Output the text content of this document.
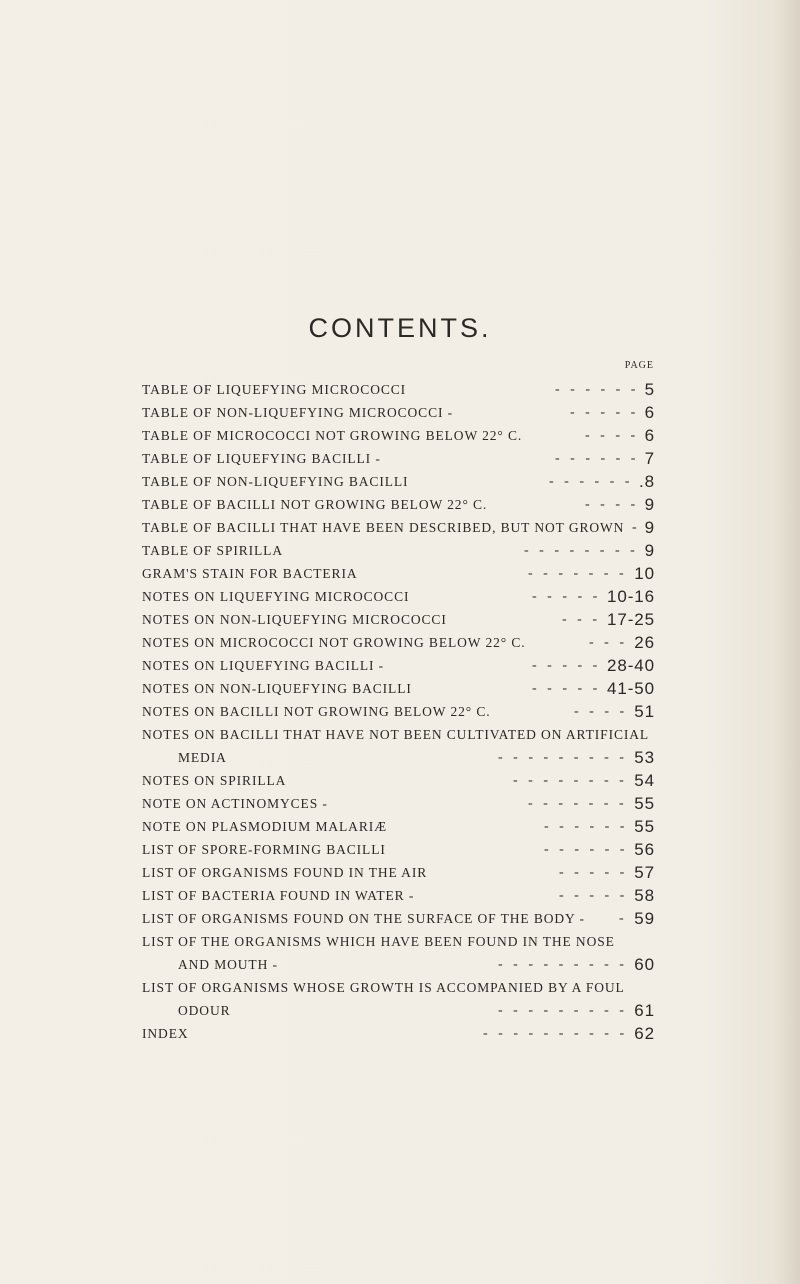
CONTENTS.
PAGE
TABLE OF LIQUEFYING MICROCOCCI	-   -   -   -   -   - 5
TABLE OF NON-LIQUEFYING MICROCOCCI -	-   -   -   -   - 6
TABLE OF MICROCOCCI NOT GROWING BELOW 22° C.	-   -   -   - 6
TABLE OF LIQUEFYING BACILLI -	-   -   -   -   -   - 7
TABLE OF NON-LIQUEFYING BACILLI	-   -   -   -   -   - .8
TABLE OF BACILLI NOT GROWING BELOW 22° C.	-   -   -   - 9
TABLE OF BACILLI THAT HAVE BEEN DESCRIBED, BUT NOT GROWN - 9
TABLE OF SPIRILLA	-   -   -   -   -   -   -   - 9
GRAM'S STAIN FOR BACTERIA	-   -   -   -   -   -   - 10
NOTES ON LIQUEFYING MICROCOCCI	-   -   -   -   - 10-16
NOTES ON NON-LIQUEFYING MICROCOCCI	-   -   - 17-25
NOTES ON MICROCOCCI NOT GROWING BELOW 22° C.	-   -   - 26
NOTES ON LIQUEFYING BACILLI -	-   -   -   -   - 28-40
NOTES ON NON-LIQUEFYING BACILLI	-   -   -   -   - 41-50
NOTES ON BACILLI NOT GROWING BELOW 22° C.	-   -   -   - 51
NOTES ON BACILLI THAT HAVE NOT BEEN CULTIVATED ON ARTIFICIAL
MEDIA	-   -   -   -   -   -   -   -   - 53
NOTES ON SPIRILLA	-   -   -   -   -   -   -   - 54
NOTE ON ACTINOMYCES -	-   -   -   -   -   -   - 55
NOTE ON PLASMODIUM MALARIÆ	-   -   -   -   -   - 55
LIST OF SPORE-FORMING BACILLI	-   -   -   -   -   - 56
LIST OF ORGANISMS FOUND IN THE AIR	-   -   -   -   - 57
LIST OF BACTERIA FOUND IN WATER -	-   -   -   -   - 58
LIST OF ORGANISMS FOUND ON THE SURFACE OF THE BODY - - 59
LIST OF THE ORGANISMS WHICH HAVE BEEN FOUND IN THE NOSE
AND MOUTH -	-   -   -   -   -   -   -   -   - 60
LIST OF ORGANISMS WHOSE GROWTH IS ACCOMPANIED BY A FOUL
ODOUR	-   -   -   -   -   -   -   -   - 61
INDEX	-   -   -   -   -   -   -   -   -   - 62
